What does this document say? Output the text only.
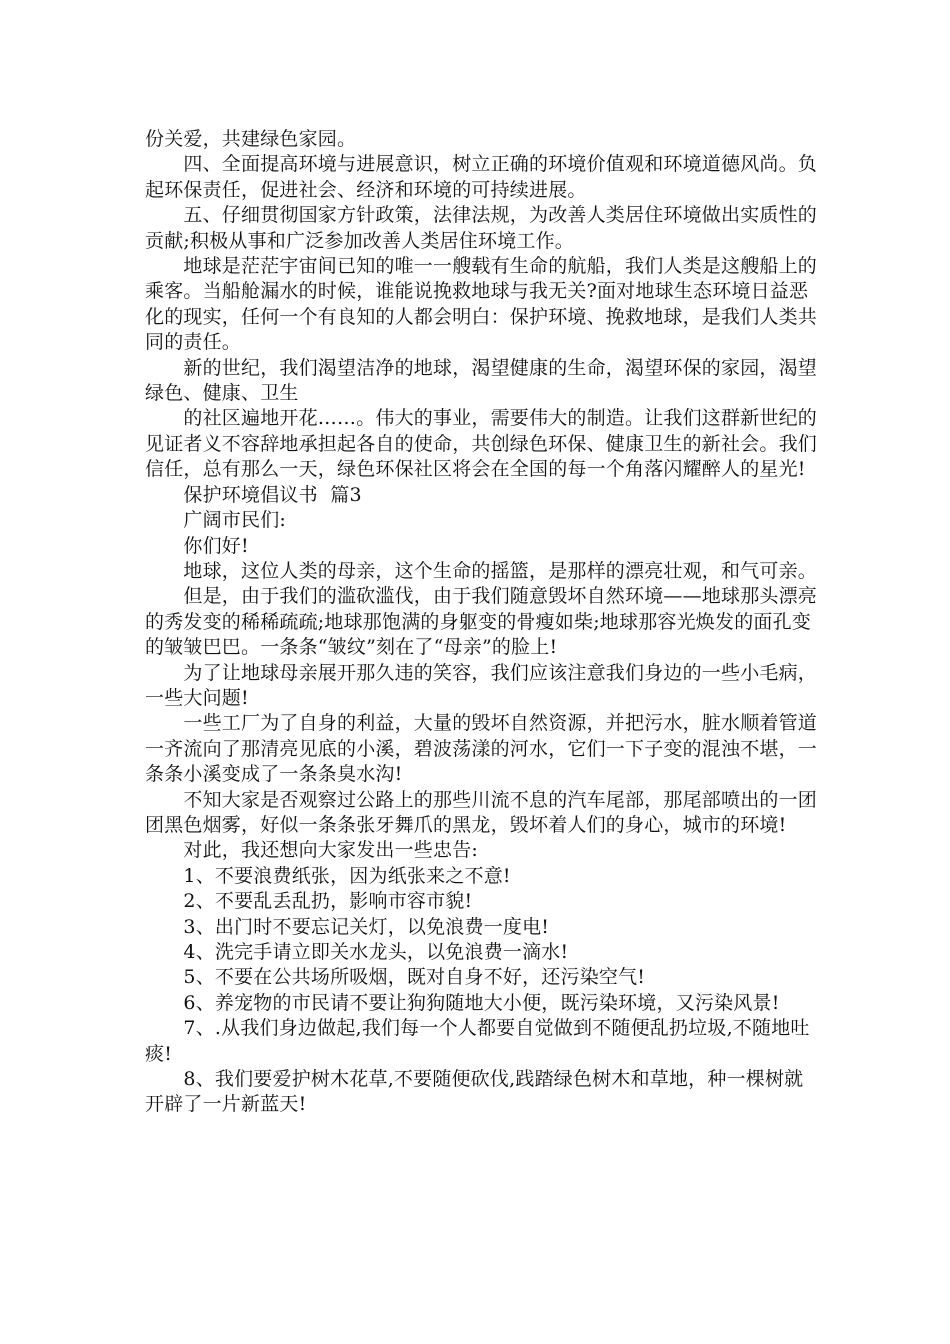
份关爱，共建绿色家园。

　　四、全面提高环境与进展意识，树立正确的环境价值观和环境道德风尚。负起环保责任，促进社会、经济和环境的可持续进展。

　　五、仔细贯彻国家方针政策，法律法规，为改善人类居住环境做出实质性的贡献;积极从事和广泛参加改善人类居住环境工作。

　　地球是茫茫宇宙间已知的唯一一艘载有生命的航船，我们人类是这艘船上的乘客。当船舱漏水的时候，谁能说挽救地球与我无关?面对地球生态环境日益恶化的现实，任何一个有良知的人都会明白：保护环境、挽救地球，是我们人类共同的责任。

　　新的世纪，我们渴望洁净的地球，渴望健康的生命，渴望环保的家园，渴望绿色、健康、卫生

　　的社区遍地开花……。伟大的事业，需要伟大的制造。让我们这群新世纪的见证者义不容辞地承担起各自的使命，共创绿色环保、健康卫生的新社会。我们信任，总有那么一天，绿色环保社区将会在全国的每一个角落闪耀醉人的星光!

　　保护环境倡议书  篇3

　　广阔市民们:

　　你们好!

　　地球，这位人类的母亲，这个生命的摇篮，是那样的漂亮壮观，和气可亲。

　　但是，由于我们的滥砍滥伐，由于我们随意毁坏自然环境——地球那头漂亮的秀发变的稀稀疏疏;地球那饱满的身躯变的骨瘦如柴;地球那容光焕发的面孔变的皱皱巴巴。一条条“皱纹”刻在了“母亲”的脸上!

　　为了让地球母亲展开那久违的笑容，我们应该注意我们身边的一些小毛病，一些大问题!

　　一些工厂为了自身的利益，大量的毁坏自然资源，并把污水，脏水顺着管道一齐流向了那清亮见底的小溪，碧波荡漾的河水，它们一下子变的混浊不堪，一条条小溪变成了一条条臭水沟!

　　不知大家是否观察过公路上的那些川流不息的汽车尾部，那尾部喷出的一团团黑色烟雾，好似一条条张牙舞爪的黑龙，毁坏着人们的身心，城市的环境!

　　对此，我还想向大家发出一些忠告:

　　1、不要浪费纸张，因为纸张来之不意!

　　2、不要乱丢乱扔，影响市容市貌!

　　3、出门时不要忘记关灯，以免浪费一度电!

　　4、洗完手请立即关水龙头，以免浪费一滴水!

　　5、不要在公共场所吸烟，既对自身不好，还污染空气!

　　6、养宠物的市民请不要让狗狗随地大小便，既污染环境，又污染风景!

　　7、.从我们身边做起,我们每一个人都要自觉做到不随便乱扔垃圾,不随地吐痰!

　　8、我们要爱护树木花草,不要随便砍伐,践踏绿色树木和草地，种一棵树就开辟了一片新蓝天!
